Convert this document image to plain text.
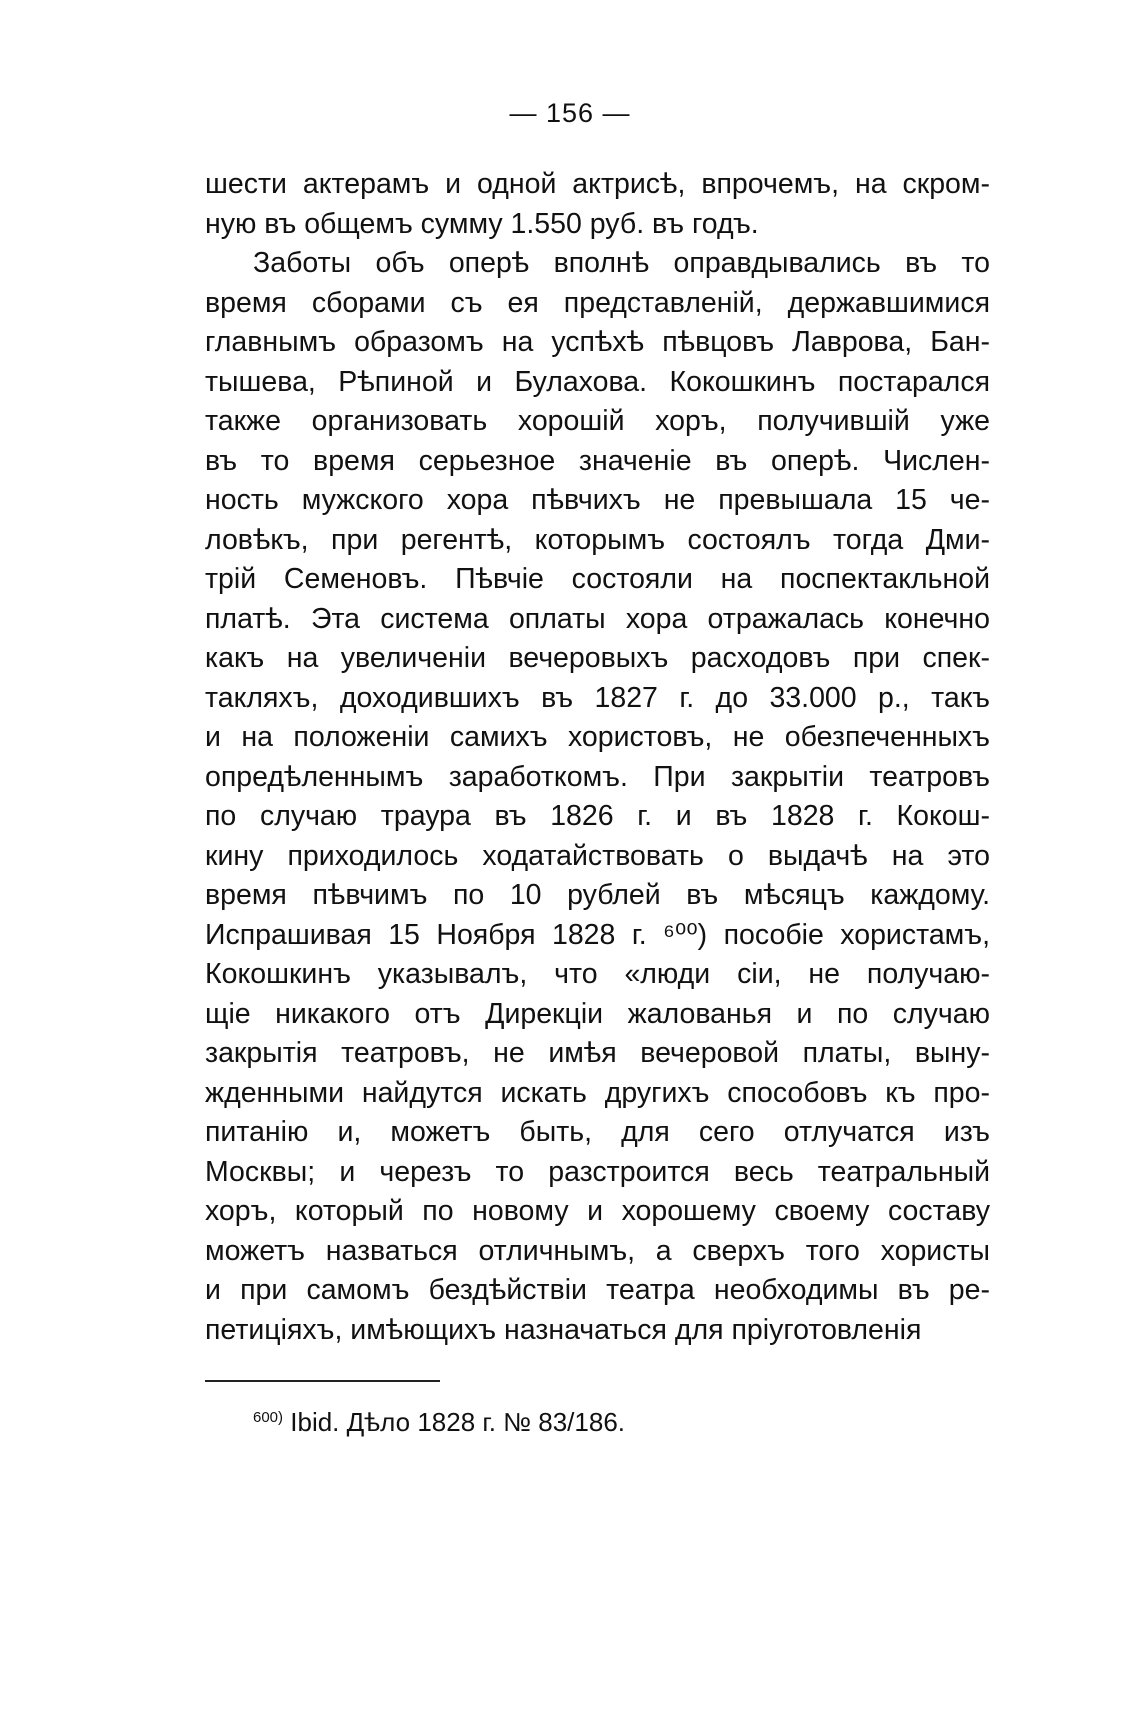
— 156 —
шести актерамъ и одной актрисѣ, впрочемъ, на скром-
ную въ общемъ сумму 1.550 руб. въ годъ.
Заботы объ оперѣ вполнѣ оправдывались въ то
время сборами съ ея представленій, державшимися
главнымъ образомъ на успѣхѣ пѣвцовъ Лаврова, Бан-
тышева, Рѣпиной и Булахова. Кокошкинъ постарался
также организовать хорошій хоръ, получившій уже
въ то время серьезное значеніе въ оперѣ. Числен-
ность мужского хора пѣвчихъ не превышала 15 че-
ловѣкъ, при регентѣ, которымъ состоялъ тогда Дми-
трій Семеновъ. Пѣвчіе состояли на поспектакльной
платѣ. Эта система оплаты хора отражалась конечно
какъ на увеличеніи вечеровыхъ расходовъ при спек-
такляхъ, доходившихъ въ 1827 г. до 33.000 р., такъ
и на положеніи самихъ хористовъ, не обезпеченныхъ
опредѣленнымъ заработкомъ. При закрытіи театровъ
по случаю траура въ 1826 г. и въ 1828 г. Кокош-
кину приходилось ходатайствовать о выдачѣ на это
время пѣвчимъ по 10 рублей въ мѣсяцъ каждому.
Испрашивая 15 Ноября 1828 г. ⁶⁰⁰) пособіе хористамъ,
Кокошкинъ указывалъ, что «люди сіи, не получаю-
щіе никакого отъ Дирекціи жалованья и по случаю
закрытія театровъ, не имѣя вечеровой платы, выну-
жденными найдутся искать другихъ способовъ къ про-
питанію и, можетъ быть, для сего отлучатся изъ
Москвы; и черезъ то разстроится весь театральный
хоръ, который по новому и хорошему своему составу
можетъ назваться отличнымъ, а сверхъ того хористы
и при самомъ бездѣйствіи театра необходимы въ ре-
петиціяхъ, имѣющихъ назначаться для пріуготовленія
$^{600)}$ Ibid. Дѣло 1828 г. № 83/186.
